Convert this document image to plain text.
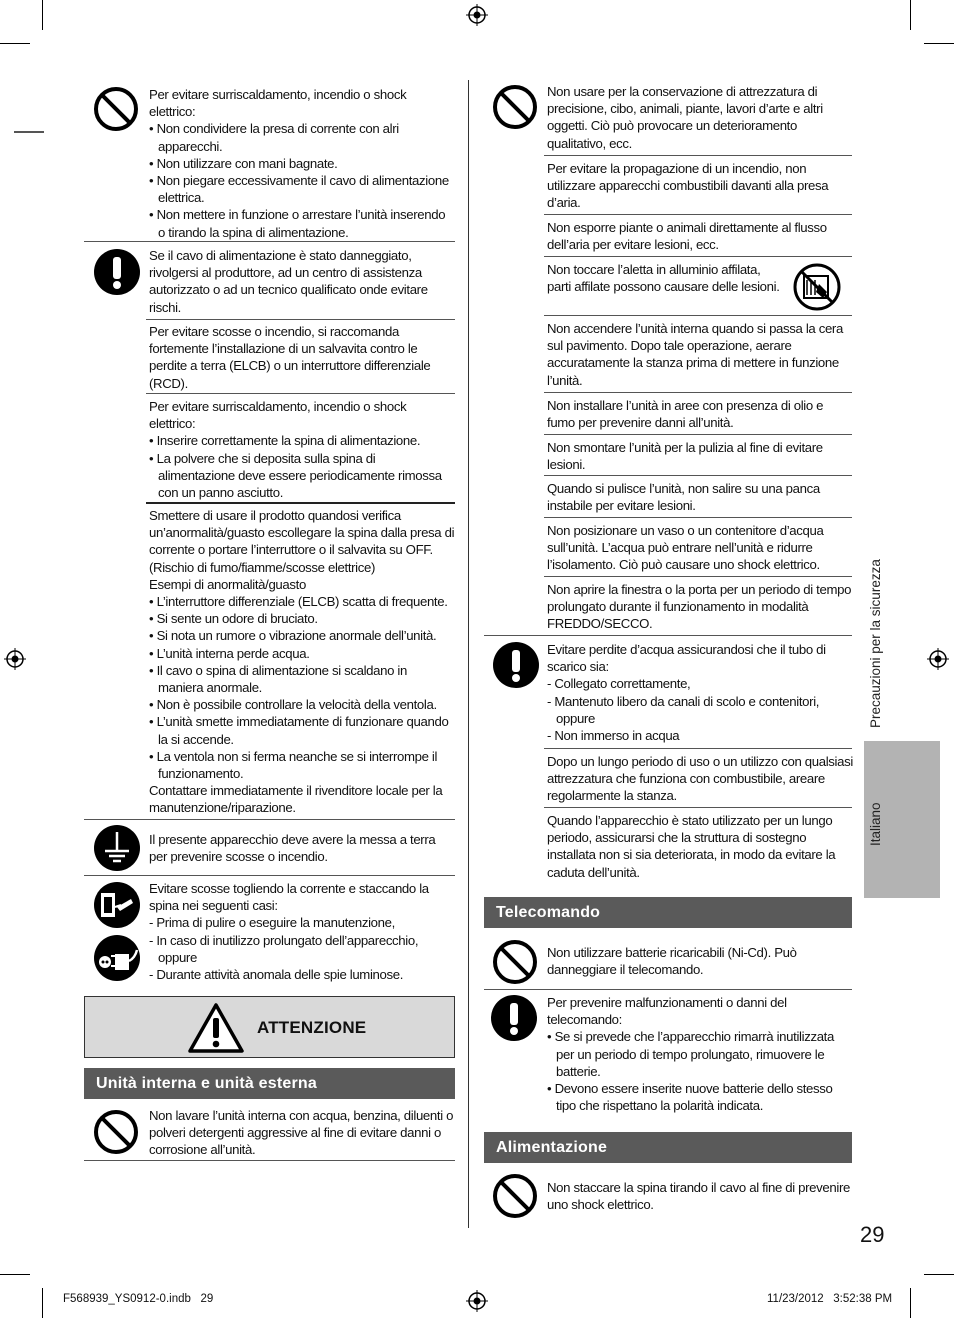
Per evitare surriscaldamento, incendio o shock elettrico:

• Non condividere la presa di corrente con alri apparecchi.

• Non utilizzare con mani bagnate.

• Non piegare eccessivamente il cavo di alimentazione elettrica.

• Non mettere in funzione o arrestare l’unità inserendo o tirando la spina di alimentazione.

Se il cavo di alimentazione è stato danneggiato, rivolgersi al produttore, ad un centro di assistenza autorizzato o ad un tecnico qualificato onde evitare rischi.
Per evitare scosse o incendio, si raccomanda fortemente l’installazione di un salvavita contro le perdite a terra (ELCB) o un interruttore differenziale (RCD).

Per evitare surriscaldamento, incendio o shock elettrico:

• Inserire correttamente la spina di alimentazione.

• La polvere che si deposita sulla spina di alimentazione deve essere periodicamente rimossa con un panno asciutto.

Smettere di usare il prodotto quandosi verifica un’anormalità/guasto escollegare la spina dalla presa di corrente o portare l’interruttore o il salvavita su OFF. (Rischio di fumo/fiamme/scosse elettrice)

Esempi di anormalità/guasto

• L’interruttore differenziale (ELCB) scatta di frequente.

• Si sente un odore di bruciato.

• Si nota un rumore o vibrazione anormale dell’unità.

• L’unità interna perde acqua.

• Il cavo o spina di alimentazione si scaldano in maniera anormale.

• Non è possibile controllare la velocità della ventola.

• L’unità smette immediatamente di funzionare quando la si accende.

• La ventola non si ferma neanche se si interrompe il funzionamento.

Contattare immediatamente il rivenditore locale per la manutenzione/riparazione.

Il presente apparecchio deve avere la messa a terra per prevenire scosse o incendio.

Evitare scosse togliendo la corrente e staccando la spina nei seguenti casi:

- Prima di pulire o eseguire la manutenzione,

- In caso di inutilizzo prolungato dell’apparecchio, oppure

- Durante attività anomala delle spie luminose.

ATTENZIONE
Unità interna e unità esterna
Non lavare l’unità interna con acqua, benzina, diluenti o polveri detergenti aggressive al fine di evitare danni o corrosione all’unità.
Non usare per la conservazione di attrezzatura di precisione, cibo, animali, piante, lavori d’arte e altri oggetti. Ciò può provocare un deterioramento qualitativo, ecc.
Per evitare la propagazione di un incendio, non utilizzare apparecchi combustibili davanti alla presa d’aria.
Non esporre piante o animali direttamente al flusso dell’aria per evitare lesioni, ecc.
Non toccare l’aletta in alluminio affilata, parti affilate possono causare delle lesioni.
Non accendere l’unità interna quando si passa la cera sul pavimento. Dopo tale operazione, aerare accuratamente la stanza prima di mettere in funzione l’unità.
Non installare l’unità in aree con presenza di olio e fumo per prevenire danni all’unità.
Non smontare l’unità per la pulizia al fine di evitare lesioni.
Quando si pulisce l’unità, non salire su una panca instabile per evitare lesioni.
Non posizionare un vaso o un contenitore d’acqua sull’unità. L’acqua può entrare nell’unità e ridurre l’isolamento. Ciò può causare uno shock elettrico.
Non aprire la finestra o la porta per un periodo di tempo prolungato durante il funzionamento in modalità FREDDO/SECCO.

Evitare perdite d’acqua assicurandosi che il tubo di scarico sia:

- Collegato correttamente,

- Mantenuto libero da canali di scolo e contenitori, oppure

- Non immerso in acqua

Dopo un lungo periodo di uso o un utilizzo con qualsiasi attrezzatura che funziona con combustibile, areare regolarmente la stanza.
Quando l’apparecchio è stato utilizzato per un lungo periodo, assicurarsi che la struttura di sostegno installata non si sia deteriorata, in modo da evitare la caduta dell’unità.
Telecomando
Non utilizzare batterie ricaricabili (Ni-Cd). Può danneggiare il telecomando.

Per prevenire malfunzionamenti o danni del telecomando:

• Se si prevede che l’apparecchio rimarrà inutilizzata per un periodo di tempo prolungato, rimuovere le batterie.

• Devono essere inserite nuove batterie dello stesso tipo che rispettano la polarità indicata.

Alimentazione
Non staccare la spina tirando il cavo al fine di prevenire uno shock elettrico.
Precauzioni per la sicurezza
Italiano
29
F568939_YS0912-0.indb   29	11/23/2012   3:52:38 PM
